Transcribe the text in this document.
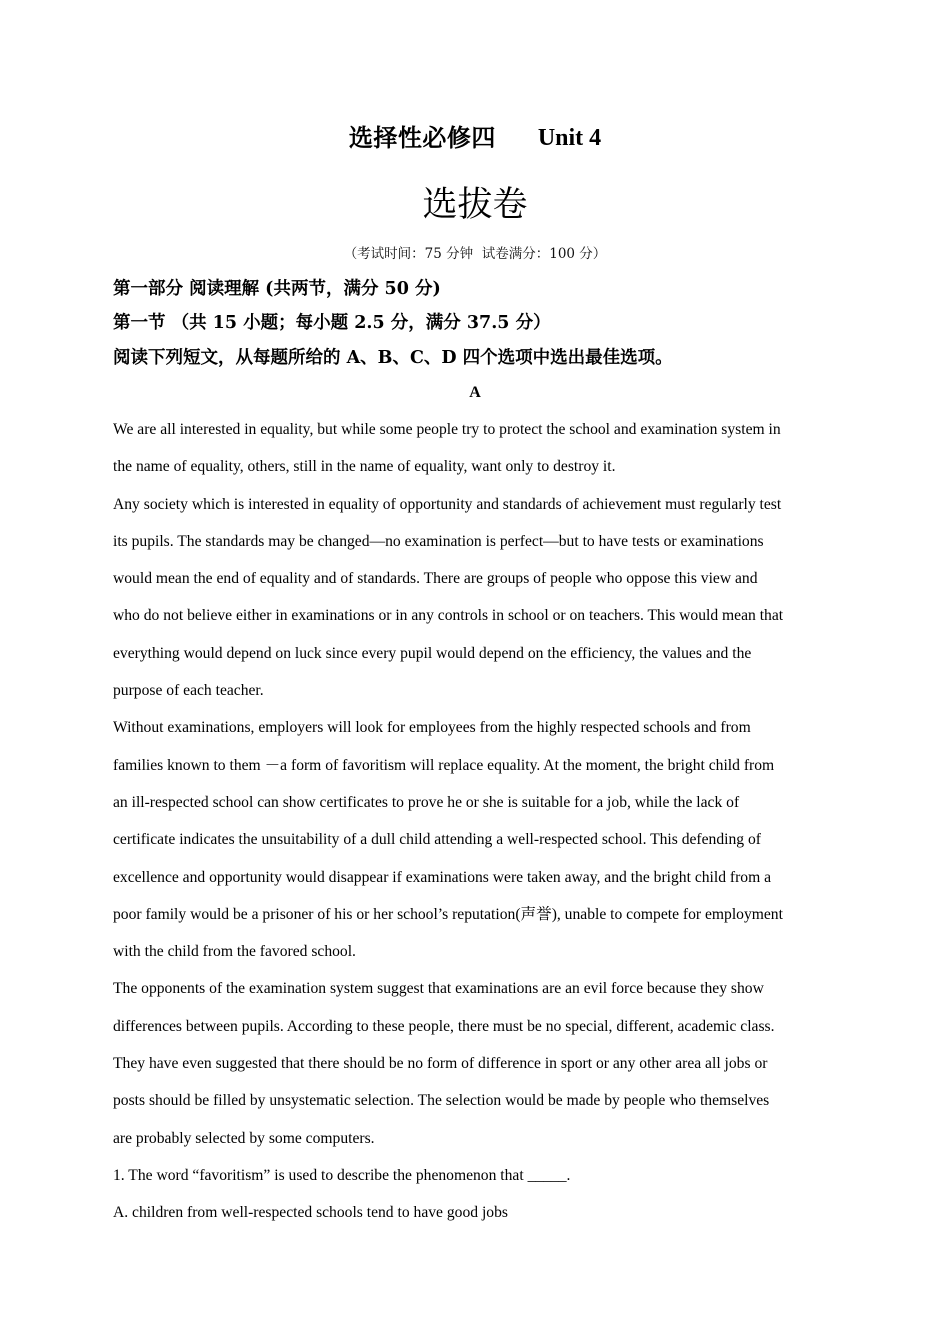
选择性必修四 Unit 4
选拔卷
（考试时间：75 分钟  试卷满分：100 分）
第一部分 阅读理解 (共两节，满分 50 分)
第一节 （共 15 小题；每小题 2.5 分，满分 37.5 分）
阅读下列短文，从每题所给的 A、B、C、D 四个选项中选出最佳选项。
A
We are all interested in equality, but while some people try to protect the school and examination system in
the name of equality, others, still in the name of equality, want only to destroy it.
Any society which is interested in equality of opportunity and standards of achievement must regularly test
its pupils. The standards may be changed—no examination is perfect—but to have tests or examinations
would mean the end of equality and of standards. There are groups of people who oppose this view and
who do not believe either in examinations or in any controls in school or on teachers. This would mean that
everything would depend on luck since every pupil would depend on the efficiency, the values and the
purpose of each teacher.
Without examinations, employers will look for employees from the highly respected schools and from
families known to them －a form of favoritism will replace equality. At the moment, the bright child from
an ill-respected school can show certificates to prove he or she is suitable for a job, while the lack of
certificate indicates the unsuitability of a dull child attending a well-respected school. This defending of
excellence and opportunity would disappear if examinations were taken away, and the bright child from a
poor family would be a prisoner of his or her school’s reputation(声誉), unable to compete for employment
with the child from the favored school.
The opponents of the examination system suggest that examinations are an evil force because they show
differences between pupils. According to these people, there must be no special, different, academic class.
They have even suggested that there should be no form of difference in sport or any other area all jobs or
posts should be filled by unsystematic selection. The selection would be made by people who themselves
are probably selected by some computers.
1. The word “favoritism” is used to describe the phenomenon that _____.
A. children from well-respected schools tend to have good jobs
